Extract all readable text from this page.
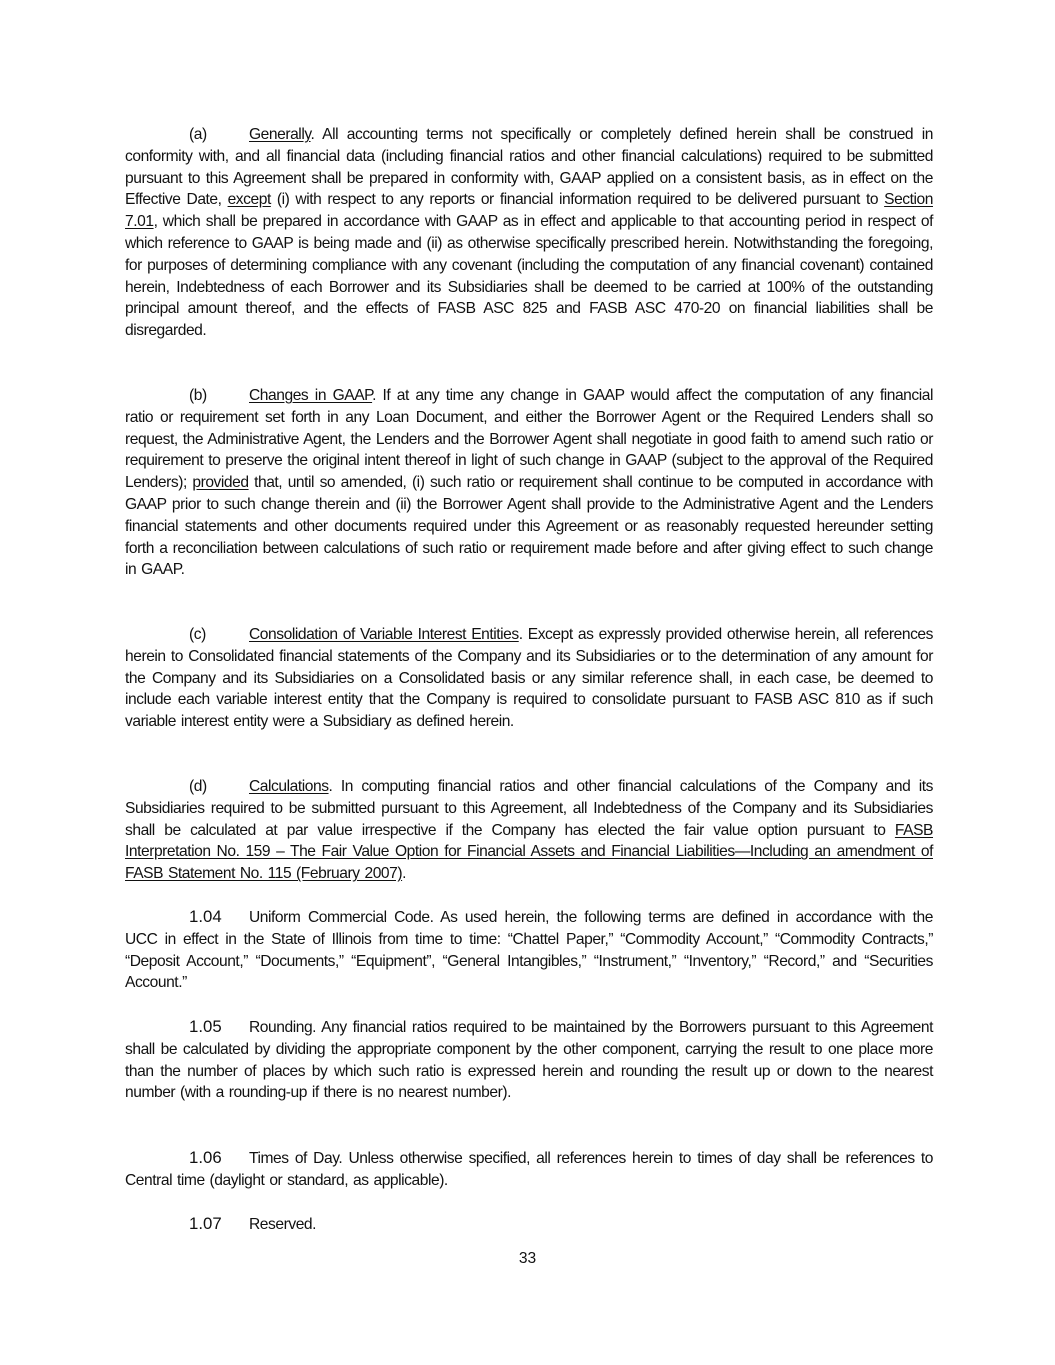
(a)	Generally. All accounting terms not specifically or completely defined herein shall be construed in conformity with, and all financial data (including financial ratios and other financial calculations) required to be submitted pursuant to this Agreement shall be prepared in conformity with, GAAP applied on a consistent basis, as in effect on the Effective Date, except (i) with respect to any reports or financial information required to be delivered pursuant to Section 7.01, which shall be prepared in accordance with GAAP as in effect and applicable to that accounting period in respect of which reference to GAAP is being made and (ii) as otherwise specifically prescribed herein. Notwithstanding the foregoing, for purposes of determining compliance with any covenant (including the computation of any financial covenant) contained herein, Indebtedness of each Borrower and its Subsidiaries shall be deemed to be carried at 100% of the outstanding principal amount thereof, and the effects of FASB ASC 825 and FASB ASC 470-20 on financial liabilities shall be disregarded.

(b)	Changes in GAAP. If at any time any change in GAAP would affect the computation of any financial ratio or requirement set forth in any Loan Document, and either the Borrower Agent or the Required Lenders shall so request, the Administrative Agent, the Lenders and the Borrower Agent shall negotiate in good faith to amend such ratio or requirement to preserve the original intent thereof in light of such change in GAAP (subject to the approval of the Required Lenders); provided that, until so amended, (i) such ratio or requirement shall continue to be computed in accordance with GAAP prior to such change therein and (ii) the Borrower Agent shall provide to the Administrative Agent and the Lenders financial statements and other documents required under this Agreement or as reasonably requested hereunder setting forth a reconciliation between calculations of such ratio or requirement made before and after giving effect to such change in GAAP.

(c)	Consolidation of Variable Interest Entities. Except as expressly provided otherwise herein, all references herein to Consolidated financial statements of the Company and its Subsidiaries or to the determination of any amount for the Company and its Subsidiaries on a Consolidated basis or any similar reference shall, in each case, be deemed to include each variable interest entity that the Company is required to consolidate pursuant to FASB ASC 810 as if such variable interest entity were a Subsidiary as defined herein.

(d)	Calculations. In computing financial ratios and other financial calculations of the Company and its Subsidiaries required to be submitted pursuant to this Agreement, all Indebtedness of the Company and its Subsidiaries shall be calculated at par value irrespective if the Company has elected the fair value option pursuant to FASB Interpretation No. 159 – The Fair Value Option for Financial Assets and Financial Liabilities—Including an amendment of FASB Statement No. 115 (February 2007).

1.04 Uniform Commercial Code. As used herein, the following terms are defined in accordance with the UCC in effect in the State of Illinois from time to time: “Chattel Paper,” “Commodity Account,” “Commodity Contracts,” “Deposit Account,” “Documents,” “Equipment”, “General Intangibles,” “Instrument,” “Inventory,” “Record,” and “Securities Account.”

1.05 Rounding. Any financial ratios required to be maintained by the Borrowers pursuant to this Agreement shall be calculated by dividing the appropriate component by the other component, carrying the result to one place more than the number of places by which such ratio is expressed herein and rounding the result up or down to the nearest number (with a rounding-up if there is no nearest number).

1.06 Times of Day. Unless otherwise specified, all references herein to times of day shall be references to Central time (daylight or standard, as applicable).

1.07 Reserved.

33
